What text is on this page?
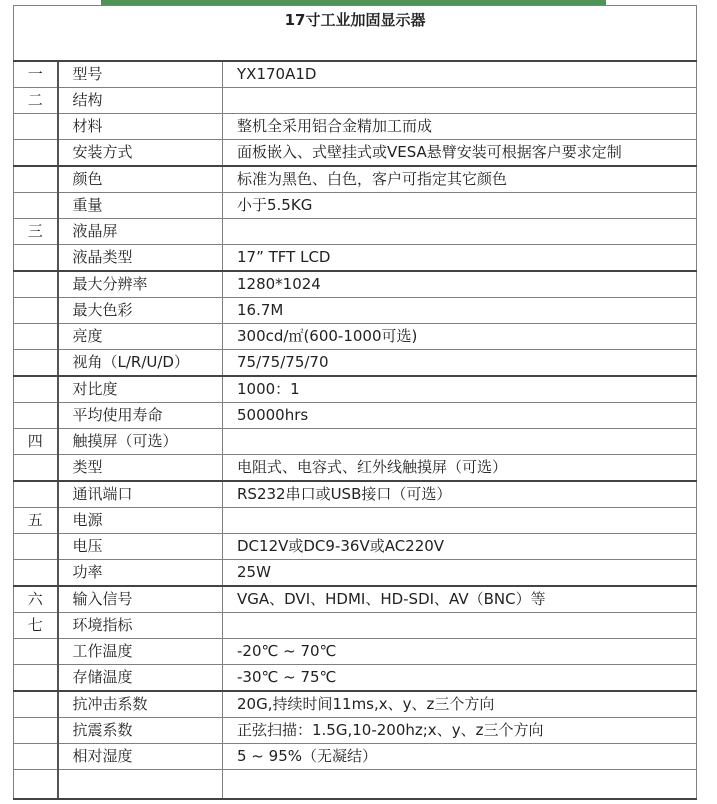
17寸工业加固显示器		
一	型号	YX170A1D
二	结构	
	材料	整机全采用铝合金精加工而成
	安装方式	面板嵌入、式壁挂式或VESA悬臂安装可根据客户要求定制
	颜色	标准为黑色、白色，客户可指定其它颜色
	重量	小于5.5KG
三	液晶屏	
	液晶类型	17” TFT LCD
	最大分辨率	1280*1024
	最大色彩	16.7M
	亮度	300cd/㎡(600-1000可选)
	视角（L/R/U/D）	75/75/75/70
	对比度	1000：1
	平均使用寿命	50000hrs
四	触摸屏（可选）	
	类型	电阻式、电容式、红外线触摸屏（可选）
	通讯端口	RS232串口或USB接口（可选）
五	电源	
	电压	DC12V或DC9-36V或AC220V
	功率	25W
六	输入信号	VGA、DVI、HDMI、HD-SDI、AV（BNC）等
七	环境指标	
	工作温度	-20℃ ~ 70℃
	存储温度	-30℃ ~ 75℃
	抗冲击系数	20G,持续时间11ms,x、y、z三个方向
	抗震系数	正弦扫描：1.5G,10-200hz;x、y、z三个方向
	相对湿度	5 ~ 95%（无凝结）
